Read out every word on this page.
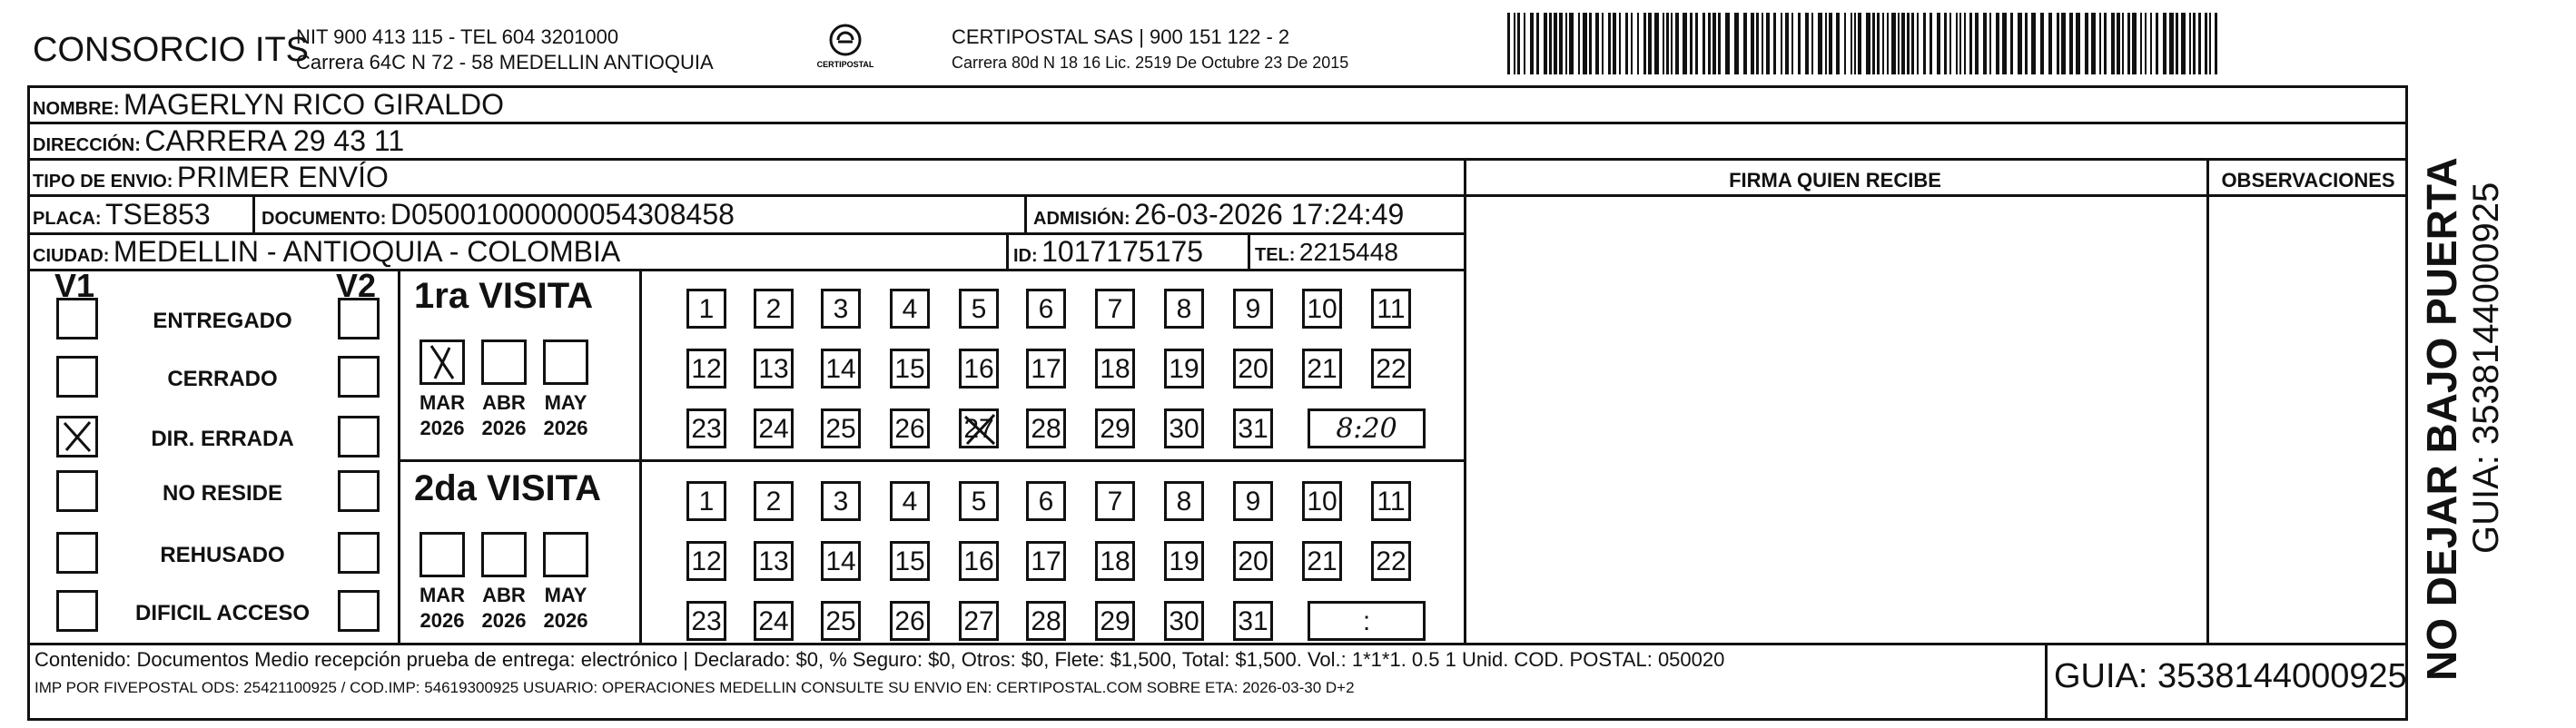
CONSORCIO ITS
NIT 900 413 115 - TEL 604 3201000
Carrera 64C N 72 - 58 MEDELLIN ANTIOQUIA	CERTIPOSTAL
CERTIPOSTAL SAS | 900 151 122 - 2
Carrera 80d N 18 16 Lic. 2519 De Octubre 23 De 2015
NOMBRE: MAGERLYN RICO GIRALDO
DIRECCIÓN: CARRERA 29 43 11
TIPO DE ENVIO: PRIMER ENVÍO	FIRMA QUIEN RECIBE	OBSERVACIONES
PLACA: TSE853	DOCUMENTO: D05001000000054308458	ADMISIÓN: 26-03-2026 17:24:49
CIUDAD: MEDELLIN - ANTIOQUIA - COLOMBIA	ID: 1017175175	TEL: 2215448
V1	V2
ENTREGADO
CERRADO
DIR. ERRADA
NO RESIDE
REHUSADO
DIFICIL ACCESO
1ra VISITA
MAR
2026
ABR
2026
MAY
2026
1	2	3	4	5	6	7	8	9	10 11
12 13 14 15 16 17 18 19 20 21 22
23 24 25 26 27 28 29 30 31	8:20
2da VISITA
MAR
2026
ABR
2026
MAY
2026
1	2	3	4	5	6	7	8	9	10 11
12 13 14 15 16 17 18 19 20 21 22
23 24 25 26 27 28 29 30 31	:
Contenido: Documentos Medio recepción prueba de entrega: electrónico | Declarado: $0, % Seguro: $0, Otros: $0, Flete: $1,500, Total: $1,500. Vol.: 1*1*1. 0.5 1 Unid. COD. POSTAL: 050020
IMP POR FIVEPOSTAL ODS: 25421100925 / COD.IMP: 54619300925 USUARIO: OPERACIONES MEDELLIN CONSULTE SU ENVIO EN: CERTIPOSTAL.COM SOBRE ETA: 2026-03-30 D+2	GUIA: 3538144000925 NO DEJAR BAJO PUERTA GUIA: 3538144000925
